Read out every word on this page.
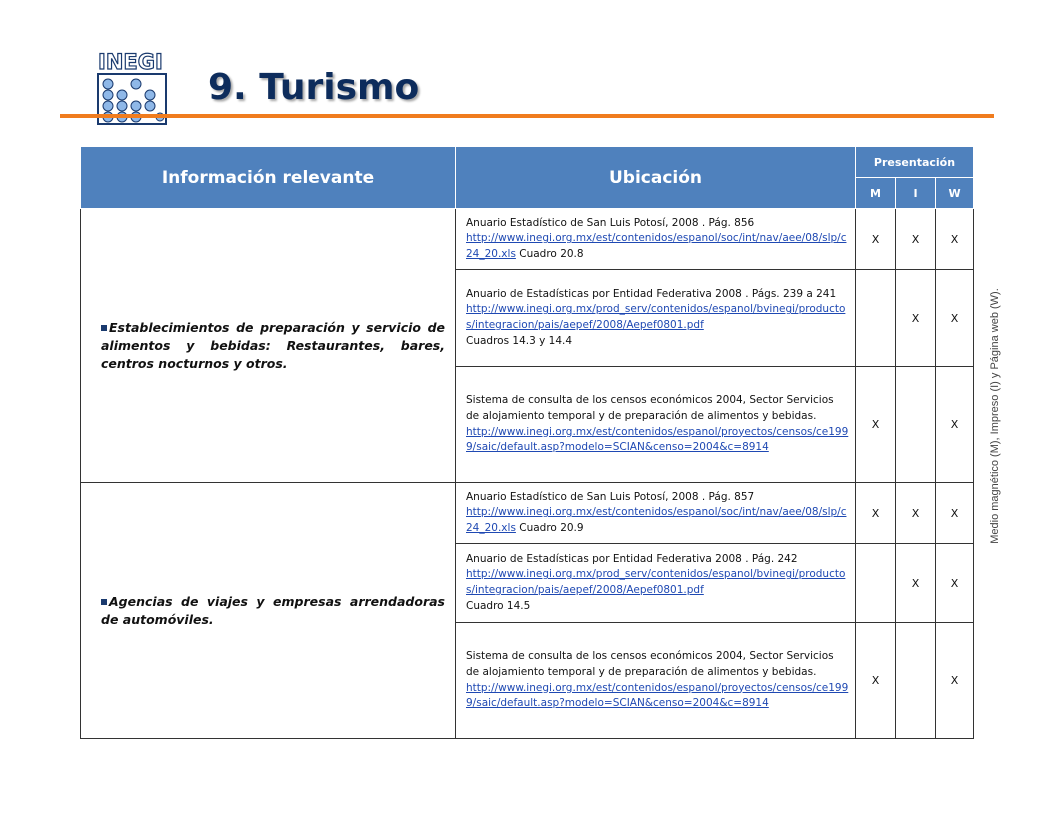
INEGI
9. Turismo
Información relevante	Ubicación	Presentación		
		M	I	W
Establecimientos de preparación y servicio de alimentos y bebidas: Restaurantes, bares, centros nocturnos y otros.	Anuario Estadístico de San Luis Potosí, 2008 . Pág. 856
http://www.inegi.org.mx/est/contenidos/espanol/soc/int/nav/aee/08/slp/c24_20.xls Cuadro 20.8	X	X	X
	Anuario de Estadísticas por Entidad Federativa 2008 . Págs. 239 a 241
http://www.inegi.org.mx/prod_serv/contenidos/espanol/bvinegi/productos/integracion/pais/aepef/2008/Aepef0801.pdf
Cuadros 14.3 y 14.4		X	X
	Sistema de consulta de los censos económicos 2004, Sector Servicios de alojamiento temporal y de preparación de alimentos y bebidas.
http://www.inegi.org.mx/est/contenidos/espanol/proyectos/censos/ce1999/saic/default.asp?modelo=SCIAN&censo=2004&c=8914	X		X
Agencias de viajes y empresas arrendadoras de automóviles.	Anuario Estadístico de San Luis Potosí, 2008 . Pág. 857
http://www.inegi.org.mx/est/contenidos/espanol/soc/int/nav/aee/08/slp/c24_20.xls Cuadro 20.9	X	X	X
	Anuario de Estadísticas por Entidad Federativa 2008 . Pág. 242
http://www.inegi.org.mx/prod_serv/contenidos/espanol/bvinegi/productos/integracion/pais/aepef/2008/Aepef0801.pdf
Cuadro 14.5		X	X
	Sistema de consulta de los censos económicos 2004, Sector Servicios de alojamiento temporal y de preparación de alimentos y bebidas.
http://www.inegi.org.mx/est/contenidos/espanol/proyectos/censos/ce1999/saic/default.asp?modelo=SCIAN&censo=2004&c=8914	X		X
Medio magnético (M), Impreso (I) y Página web (W).
